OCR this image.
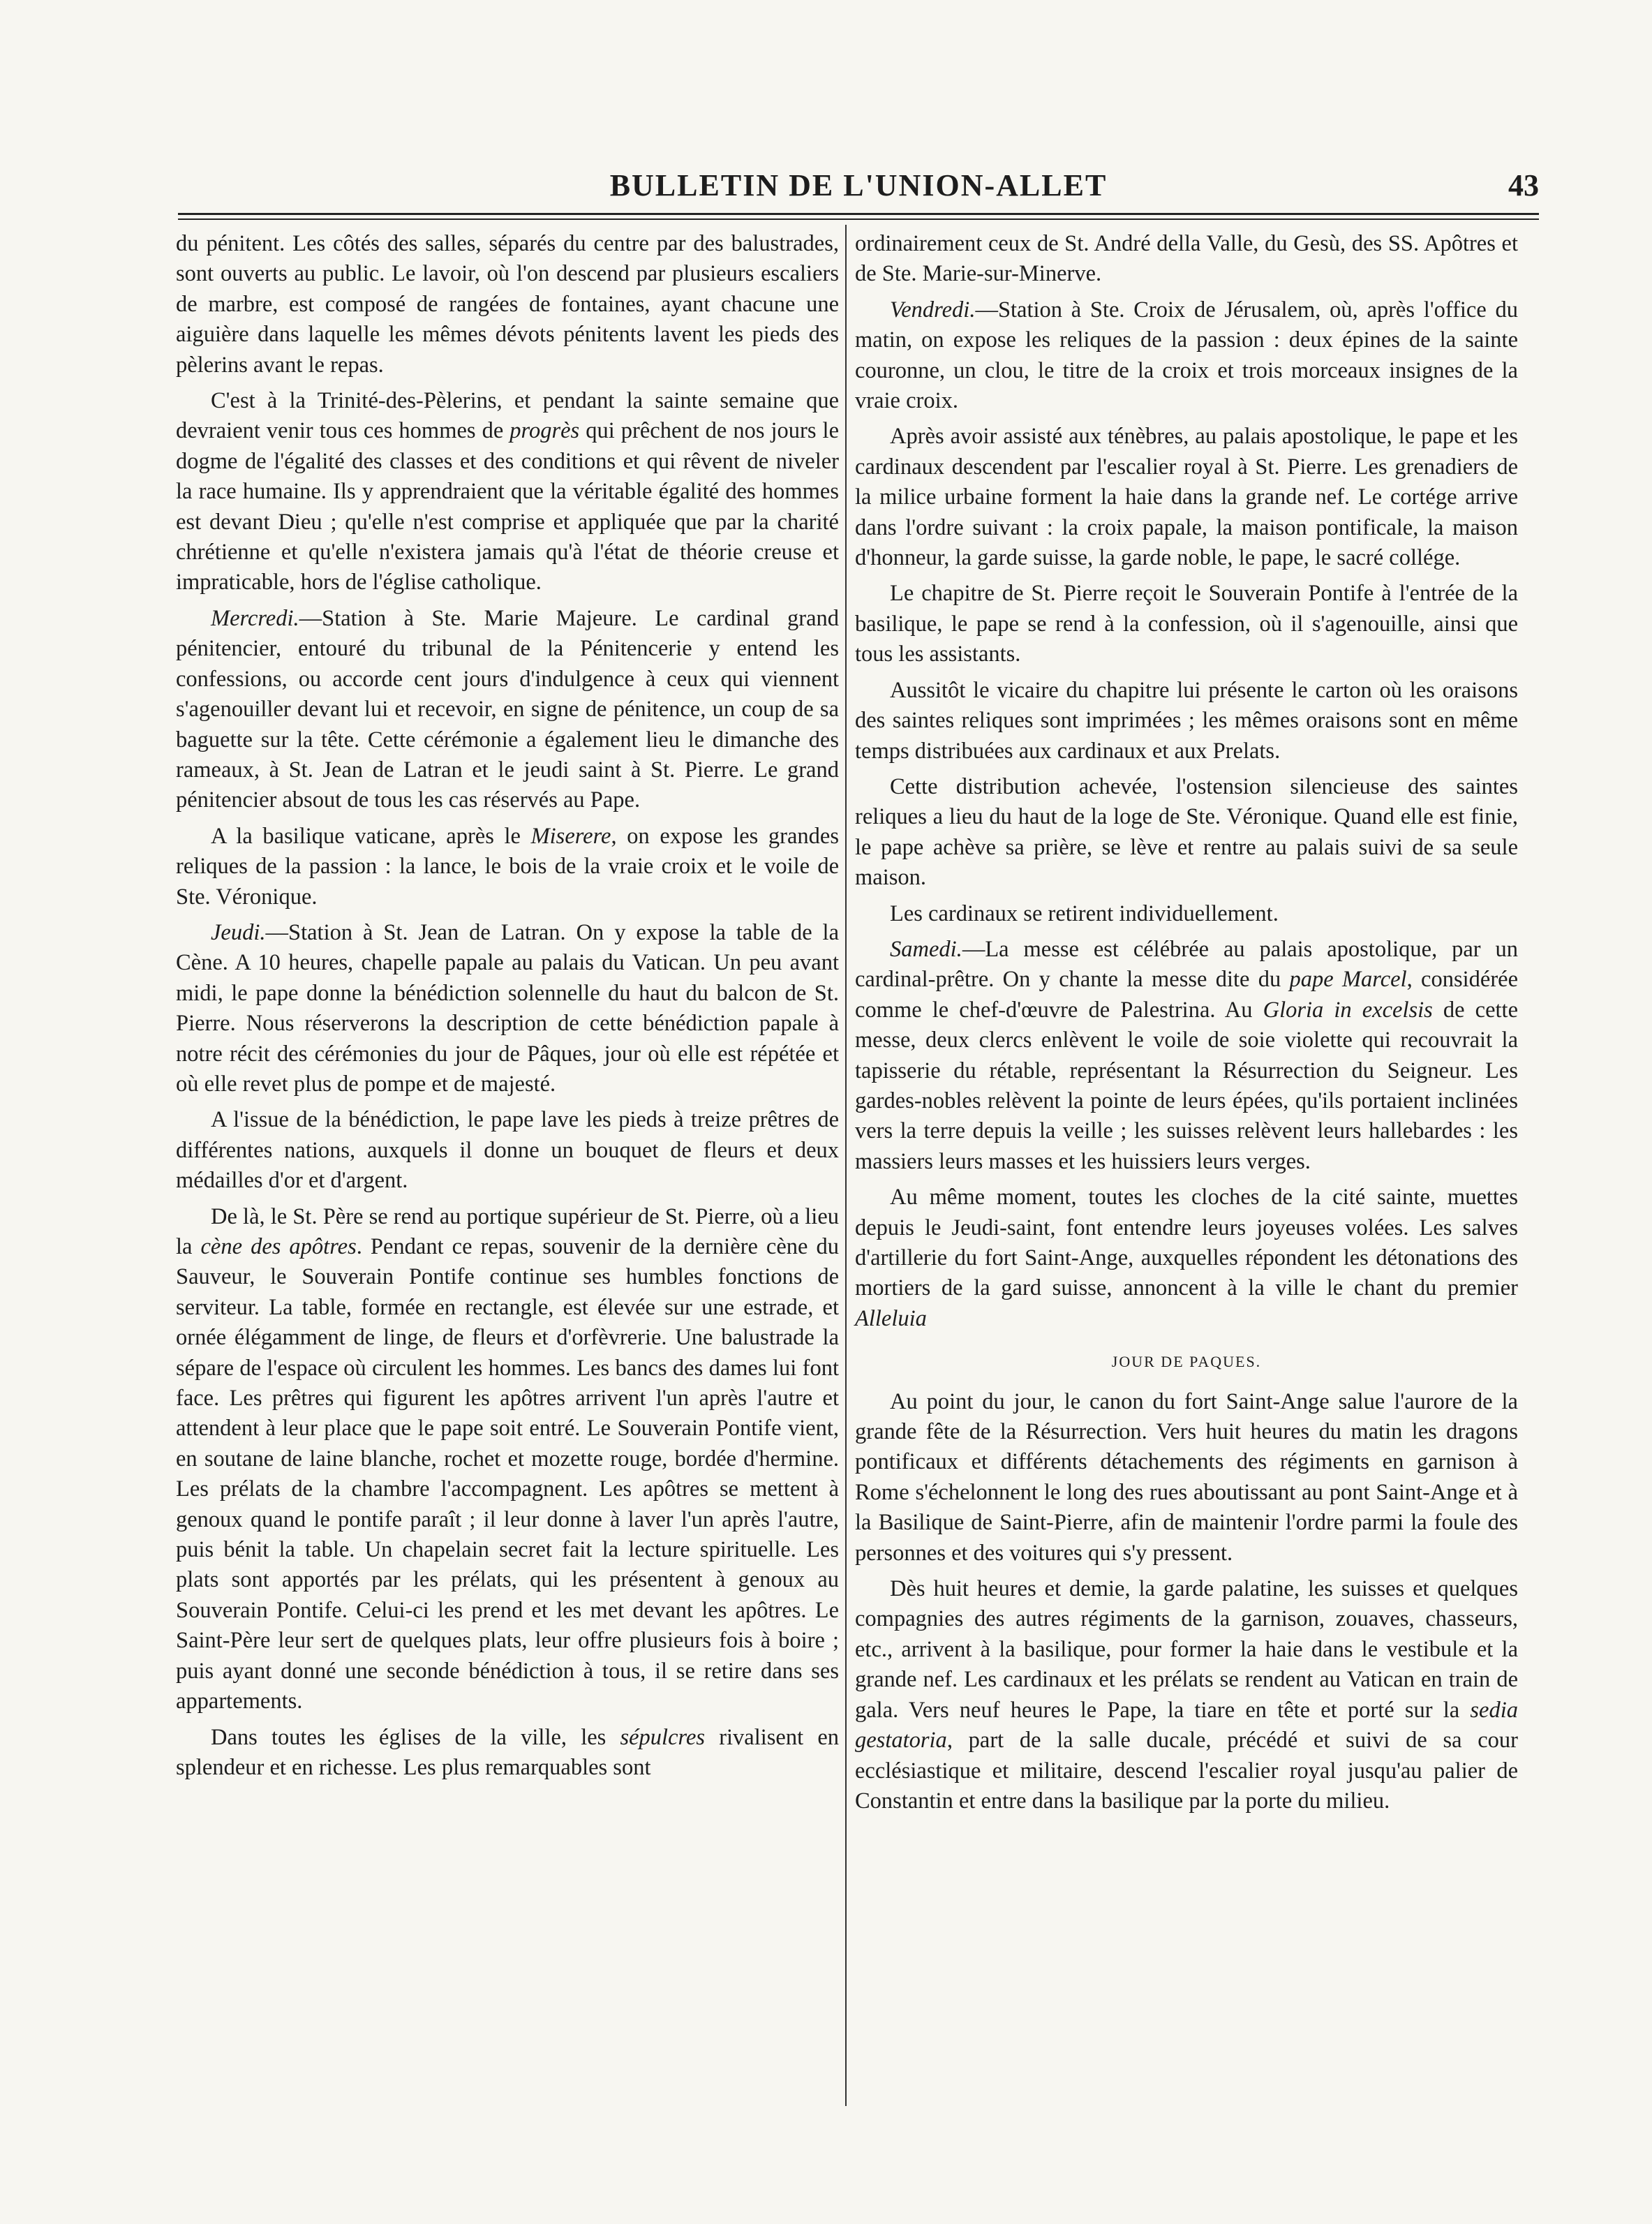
BULLETIN DE L'UNION-ALLET	43

du pénitent. Les côtés des salles, séparés du centre par des balustrades, sont ouverts au public. Le lavoir, où l'on descend par plusieurs escaliers de marbre, est composé de rangées de fontaines, ayant chacune une aiguière dans laquelle les mêmes dévots pénitents lavent les pieds des pèlerins avant le repas.

C'est à la Trinité-des-Pèlerins, et pendant la sainte semaine que devraient venir tous ces hommes de progrès qui prêchent de nos jours le dogme de l'égalité des classes et des conditions et qui rêvent de niveler la race humaine. Ils y apprendraient que la véritable égalité des hommes est devant Dieu ; qu'elle n'est comprise et appliquée que par la charité chrétienne et qu'elle n'existera jamais qu'à l'état de théorie creuse et impraticable, hors de l'église catholique.

Mercredi.—Station à Ste. Marie Majeure. Le cardinal grand pénitencier, entouré du tribunal de la Pénitencerie y entend les confessions, ou accorde cent jours d'indulgence à ceux qui viennent s'agenouiller devant lui et recevoir, en signe de pénitence, un coup de sa baguette sur la tête. Cette cérémonie a également lieu le dimanche des rameaux, à St. Jean de Latran et le jeudi saint à St. Pierre. Le grand pénitencier absout de tous les cas réservés au Pape.

A la basilique vaticane, après le Miserere, on expose les grandes reliques de la passion : la lance, le bois de la vraie croix et le voile de Ste. Véronique.

Jeudi.—Station à St. Jean de Latran. On y expose la table de la Cène. A 10 heures, chapelle papale au palais du Vatican. Un peu avant midi, le pape donne la bénédiction solennelle du haut du balcon de St. Pierre. Nous réserverons la description de cette bénédiction papale à notre récit des cérémonies du jour de Pâques, jour où elle est répétée et où elle revet plus de pompe et de majesté.

A l'issue de la bénédiction, le pape lave les pieds à treize prêtres de différentes nations, auxquels il donne un bouquet de fleurs et deux médailles d'or et d'argent.

De là, le St. Père se rend au portique supérieur de St. Pierre, où a lieu la cène des apôtres. Pendant ce repas, souvenir de la dernière cène du Sauveur, le Souverain Pontife continue ses humbles fonctions de serviteur. La table, formée en rectangle, est élevée sur une estrade, et ornée élégamment de linge, de fleurs et d'orfèvrerie. Une balustrade la sépare de l'espace où circulent les hommes. Les bancs des dames lui font face. Les prêtres qui figurent les apôtres arrivent l'un après l'autre et attendent à leur place que le pape soit entré. Le Souverain Pontife vient, en soutane de laine blanche, rochet et mozette rouge, bordée d'hermine. Les prélats de la chambre l'accompagnent. Les apôtres se mettent à genoux quand le pontife paraît ; il leur donne à laver l'un après l'autre, puis bénit la table. Un chapelain secret fait la lecture spirituelle. Les plats sont apportés par les prélats, qui les présentent à genoux au Souverain Pontife. Celui-ci les prend et les met devant les apôtres. Le Saint-Père leur sert de quelques plats, leur offre plusieurs fois à boire ; puis ayant donné une seconde bénédiction à tous, il se retire dans ses appartements.

Dans toutes les églises de la ville, les sépulcres rivalisent en splendeur et en richesse. Les plus remarquables sont

ordinairement ceux de St. André della Valle, du Gesù, des SS. Apôtres et de Ste. Marie-sur-Minerve.

Vendredi.—Station à Ste. Croix de Jérusalem, où, après l'office du matin, on expose les reliques de la passion : deux épines de la sainte couronne, un clou, le titre de la croix et trois morceaux insignes de la vraie croix.

Après avoir assisté aux ténèbres, au palais apostolique, le pape et les cardinaux descendent par l'escalier royal à St. Pierre. Les grenadiers de la milice urbaine forment la haie dans la grande nef. Le cortége arrive dans l'ordre suivant : la croix papale, la maison pontificale, la maison d'honneur, la garde suisse, la garde noble, le pape, le sacré collége.

Le chapitre de St. Pierre reçoit le Souverain Pontife à l'entrée de la basilique, le pape se rend à la confession, où il s'agenouille, ainsi que tous les assistants.

Aussitôt le vicaire du chapitre lui présente le carton où les oraisons des saintes reliques sont imprimées ; les mêmes oraisons sont en même temps distribuées aux cardinaux et aux Prelats.

Cette distribution achevée, l'ostension silencieuse des saintes reliques a lieu du haut de la loge de Ste. Véronique. Quand elle est finie, le pape achève sa prière, se lève et rentre au palais suivi de sa seule maison.

Les cardinaux se retirent individuellement.

Samedi.—La messe est célébrée au palais apostolique, par un cardinal-prêtre. On y chante la messe dite du pape Marcel, considérée comme le chef-d'œuvre de Palestrina. Au Gloria in excelsis de cette messe, deux clercs enlèvent le voile de soie violette qui recouvrait la tapisserie du rétable, représentant la Résurrection du Seigneur. Les gardes-nobles relèvent la pointe de leurs épées, qu'ils portaient inclinées vers la terre depuis la veille ; les suisses relèvent leurs hallebardes : les massiers leurs masses et les huissiers leurs verges.

Au même moment, toutes les cloches de la cité sainte, muettes depuis le Jeudi-saint, font entendre leurs joyeuses volées. Les salves d'artillerie du fort Saint-Ange, auxquelles répondent les détonations des mortiers de la gard suisse, annoncent à la ville le chant du premier Alleluia

JOUR DE PAQUES.

Au point du jour, le canon du fort Saint-Ange salue l'aurore de la grande fête de la Résurrection. Vers huit heures du matin les dragons pontificaux et différents détachements des régiments en garnison à Rome s'échelonnent le long des rues aboutissant au pont Saint-Ange et à la Basilique de Saint-Pierre, afin de maintenir l'ordre parmi la foule des personnes et des voitures qui s'y pressent.

Dès huit heures et demie, la garde palatine, les suisses et quelques compagnies des autres régiments de la garnison, zouaves, chasseurs, etc., arrivent à la basilique, pour former la haie dans le vestibule et la grande nef. Les cardinaux et les prélats se rendent au Vatican en train de gala. Vers neuf heures le Pape, la tiare en tête et porté sur la sedia gestatoria, part de la salle ducale, précédé et suivi de sa cour ecclésiastique et militaire, descend l'escalier royal jusqu'au palier de Constantin et entre dans la basilique par la porte du milieu.
